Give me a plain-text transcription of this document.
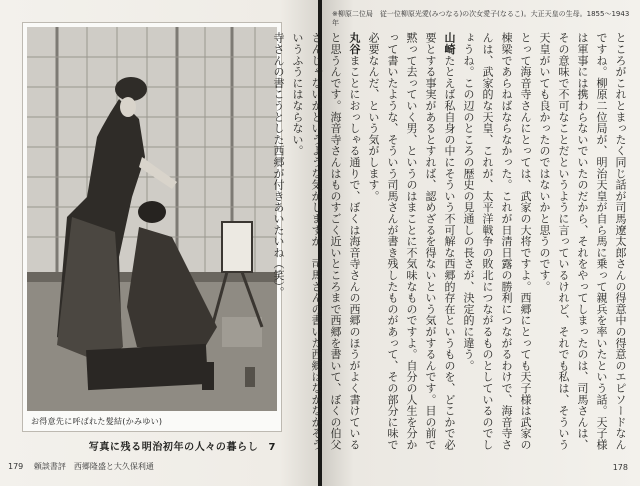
お得意先に呼ばれた髪結(かみゆい)
写真に残る明治初年の人々の暮らし 7
179 頼談書評　西郷隆盛と大久保利通
※柳原二位局　従一位柳原光愛(みつなる)の次女愛子(なるこ)。大正天皇の生母。1855～1943年

ところがこれとまったく同じ話が司馬遼太郎さんの得意中の得意のエピソードなんですね。柳原二位局が、明治天皇が自ら馬に乗って親兵を率いたという話。天子様は軍事には携わらないでいたのだから、それをやってしまったのは、司馬さんは、その意味で不可なことだというように言っているけれど、それでも私は、そういう天皇がいても良かったのではないかと思うのです。

とって海音寺さんにとっては、武家の大将ですよ。西郷にとっても天子様は武家の棟梁であらねばならなかった。これが日清日露の勝利につながるわけで、海音寺さんは、武家的な天皇、これが、太平洋戦争の敗北につながるものとしているのでしょうね。この辺のところの歴史の見通しの長さが、決定的に違う。

山崎たとえば私自身の中にそういう不可解な西郷的存在というものを、どこかで必要とする事実があるとすれば、認めざるを得ないという気がするんです。目の前で黙って去っていく男、というのはまことに不気味なものですよ。自分の人生を分かって書いたような、そういう司馬さんが書き残したものがあって、その部分に味で必要なんだ、という気がします。

丸谷まことにおっしゃる通りで、ぼくは海音寺さんの西郷のほうがよく書けていると思うんです。海音寺さんはものすごく近いところまで西郷を書いて、ぼくの伯父さんじゃないかというような気がしますが、司馬さんの書いた西郷はなかなかそういうふうにはならない。

寺さんの書こうとした西郷が付きあいたいね（笑）。

178
